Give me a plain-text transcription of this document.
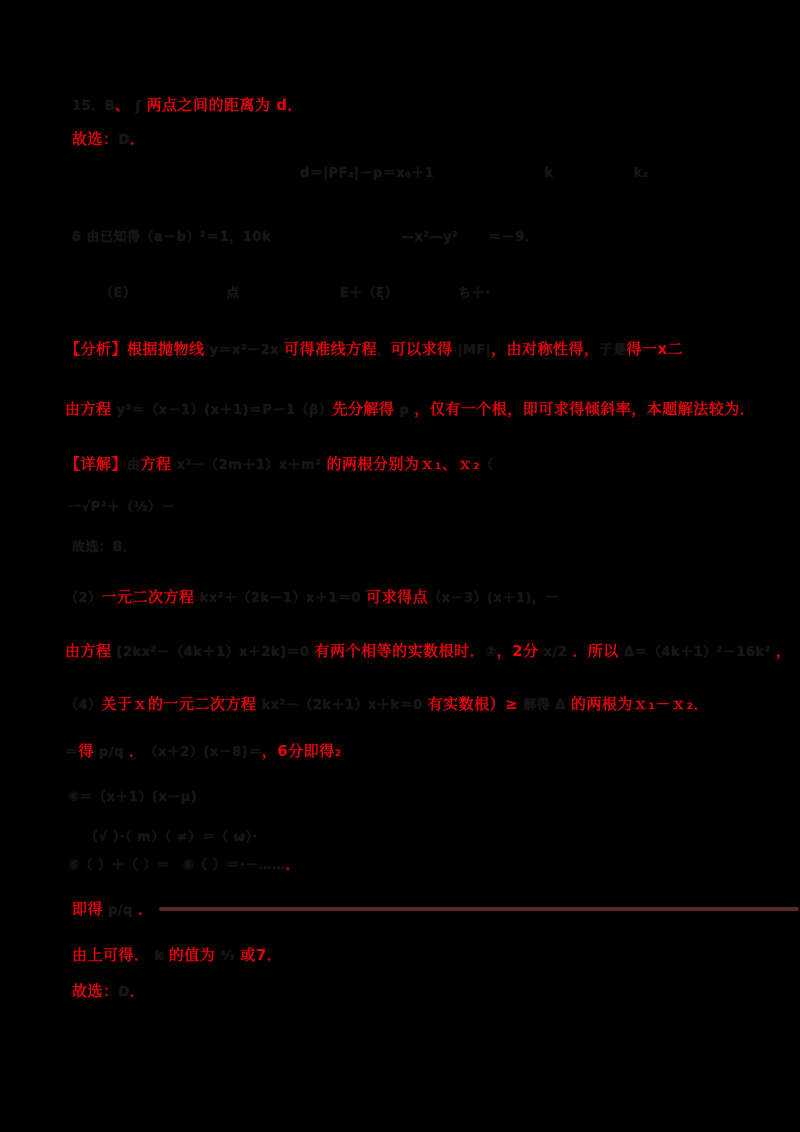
15．B 、 ʃ 两点之间的距离为 d．
故选： D ．
d＝|PF₂|－p＝x₀＋1	k	k₂
δ 由已知得（a－b）²＝1，10k	—x²—y² ＝－9．
（E）	点	E＋（ξ）	ち＋·
【分析】根据抛物线 y＝x²－2x 可得准线方程 ， 可以求得 |MF| ，由对称性得， 于是 得一x二
由方程 y²＝（x－1）(x＋1)＝P－1（β） 先分解得 p ，仅有一个根，即可求得倾斜率，本题解法较为．
【详解】 由 方程 x²－（2m＋1）x＋m² 的两根分别为ｘ₁、ｘ₂ （
一√P²＋（½）－
故选：B．
（2） 一元二次方程 kx²＋（2k－1）x＋1＝0 可求得点 （x－3）(x＋1)，一
由方程 [2kx²－（4k＋1）x＋2k]＝0 有两个相等的实数根时． ② ，2分 x∕2 ．所以 Δ＝（4k＋1）²－16k² ，
（4） 关于ｘ的一元二次方程 kx²－（2k＋1）x＋k＝0 有实数根）≥ 解得 Δ 的两根为ｘ₁－ｘ₂．
＝ 得 p∕q ． （x＋2）(x－8)＝ ，6分即得₂
⑥＝（x＋1）(x－μ)
（√ ）·（ m）（ ≠）＝（ ω）·
⑥（ ）＋（ ）＝ ⑥（ ）＝·－…… ．
即得 p∕q ．
由上可得． k 的值为 ⁴⁄₇ 或7．
故选： D ．
